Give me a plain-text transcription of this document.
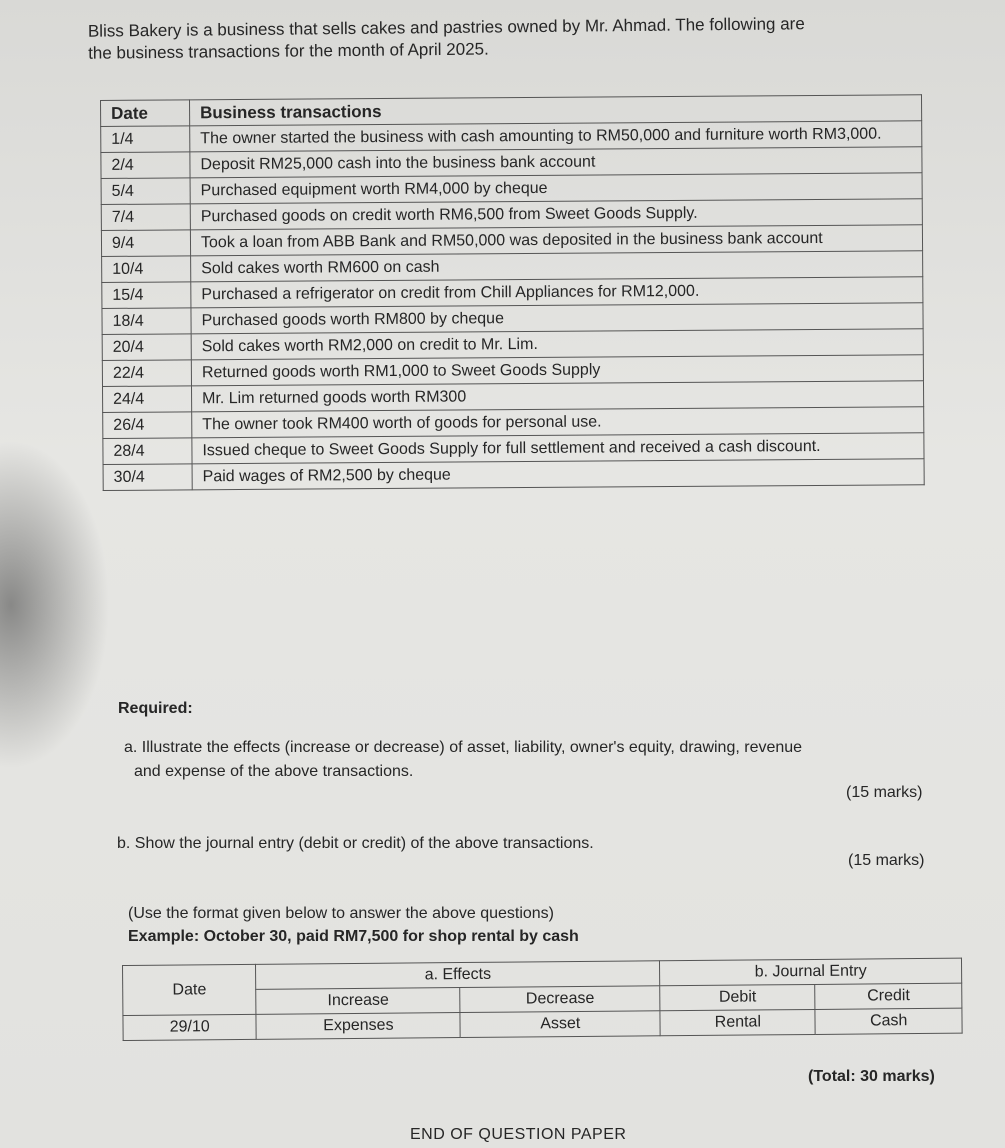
Bliss Bakery is a business that sells cakes and pastries owned by Mr. Ahmad. The following are
the business transactions for the month of April 2025.
Date	Business transactions
1/4	The owner started the business with cash amounting to RM50,000 and furniture worth RM3,000.
2/4	Deposit RM25,000 cash into the business bank account
5/4	Purchased equipment worth RM4,000 by cheque
7/4	Purchased goods on credit worth RM6,500 from Sweet Goods Supply.
9/4	Took a loan from ABB Bank and RM50,000 was deposited in the business bank account
10/4	Sold cakes worth RM600 on cash
15/4	Purchased a refrigerator on credit from Chill Appliances for RM12,000.
18/4	Purchased goods worth RM800 by cheque
20/4	Sold cakes worth RM2,000 on credit to Mr. Lim.
22/4	Returned goods worth RM1,000 to Sweet Goods Supply
24/4	Mr. Lim returned goods worth RM300
26/4	The owner took RM400 worth of goods for personal use.
28/4	Issued cheque to Sweet Goods Supply for full settlement and received a cash discount.
30/4	Paid wages of RM2,500 by cheque
Required:
a. Illustrate the effects (increase or decrease) of asset, liability, owner's equity, drawing, revenue
and expense of the above transactions.
(15 marks)
b. Show the journal entry (debit or credit) of the above transactions.
(15 marks)
(Use the format given below to answer the above questions)
Example: October 30, paid RM7,500 for shop rental by cash
Date	a. Effects		b. Journal Entry	
	Increase	Decrease	Debit	Credit
29/10	Expenses	Asset	Rental	Cash
(Total: 30 marks)
END OF QUESTION PAPER
